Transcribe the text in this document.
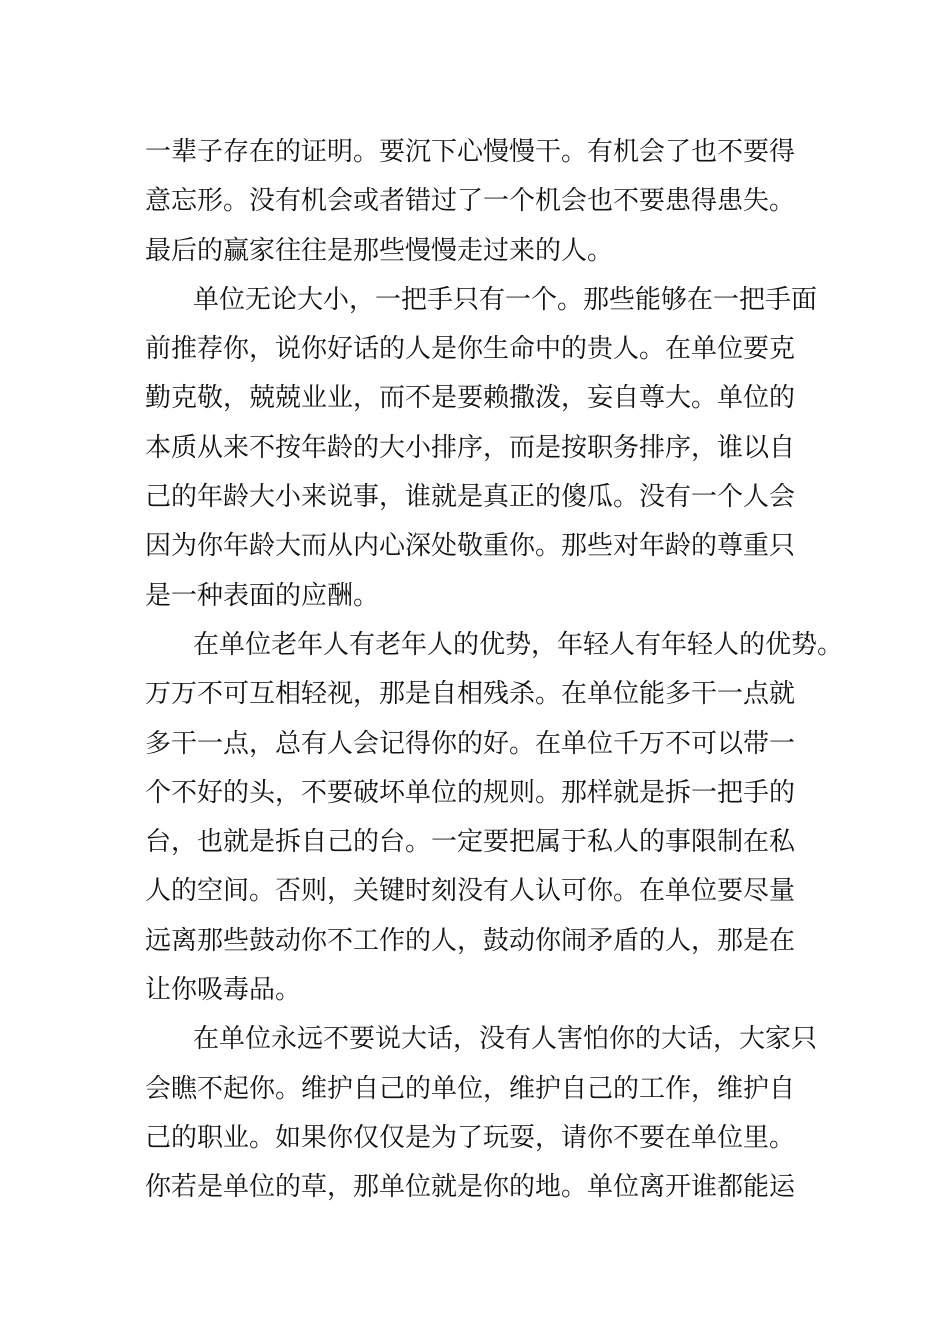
一辈子存在的证明。要沉下心慢慢干。有机会了也不要得
意忘形。没有机会或者错过了一个机会也不要患得患失。
最后的赢家往往是那些慢慢走过来的人。
单位无论大小，一把手只有一个。那些能够在一把手面
前推荐你，说你好话的人是你生命中的贵人。在单位要克
勤克敬，兢兢业业，而不是要赖撒泼，妄自尊大。单位的
本质从来不按年龄的大小排序，而是按职务排序，谁以自
己的年龄大小来说事，谁就是真正的傻瓜。没有一个人会
因为你年龄大而从内心深处敬重你。那些对年龄的尊重只
是一种表面的应酬。
在单位老年人有老年人的优势，年轻人有年轻人的优势。
万万不可互相轻视，那是自相残杀。在单位能多干一点就
多干一点，总有人会记得你的好。在单位千万不可以带一
个不好的头，不要破坏单位的规则。那样就是拆一把手的
台，也就是拆自己的台。一定要把属于私人的事限制在私
人的空间。否则，关键时刻没有人认可你。在单位要尽量
远离那些鼓动你不工作的人，鼓动你闹矛盾的人，那是在
让你吸毒品。
在单位永远不要说大话，没有人害怕你的大话，大家只
会瞧不起你。维护自己的单位，维护自己的工作，维护自
己的职业。如果你仅仅是为了玩耍，请你不要在单位里。
你若是单位的草，那单位就是你的地。单位离开谁都能运
